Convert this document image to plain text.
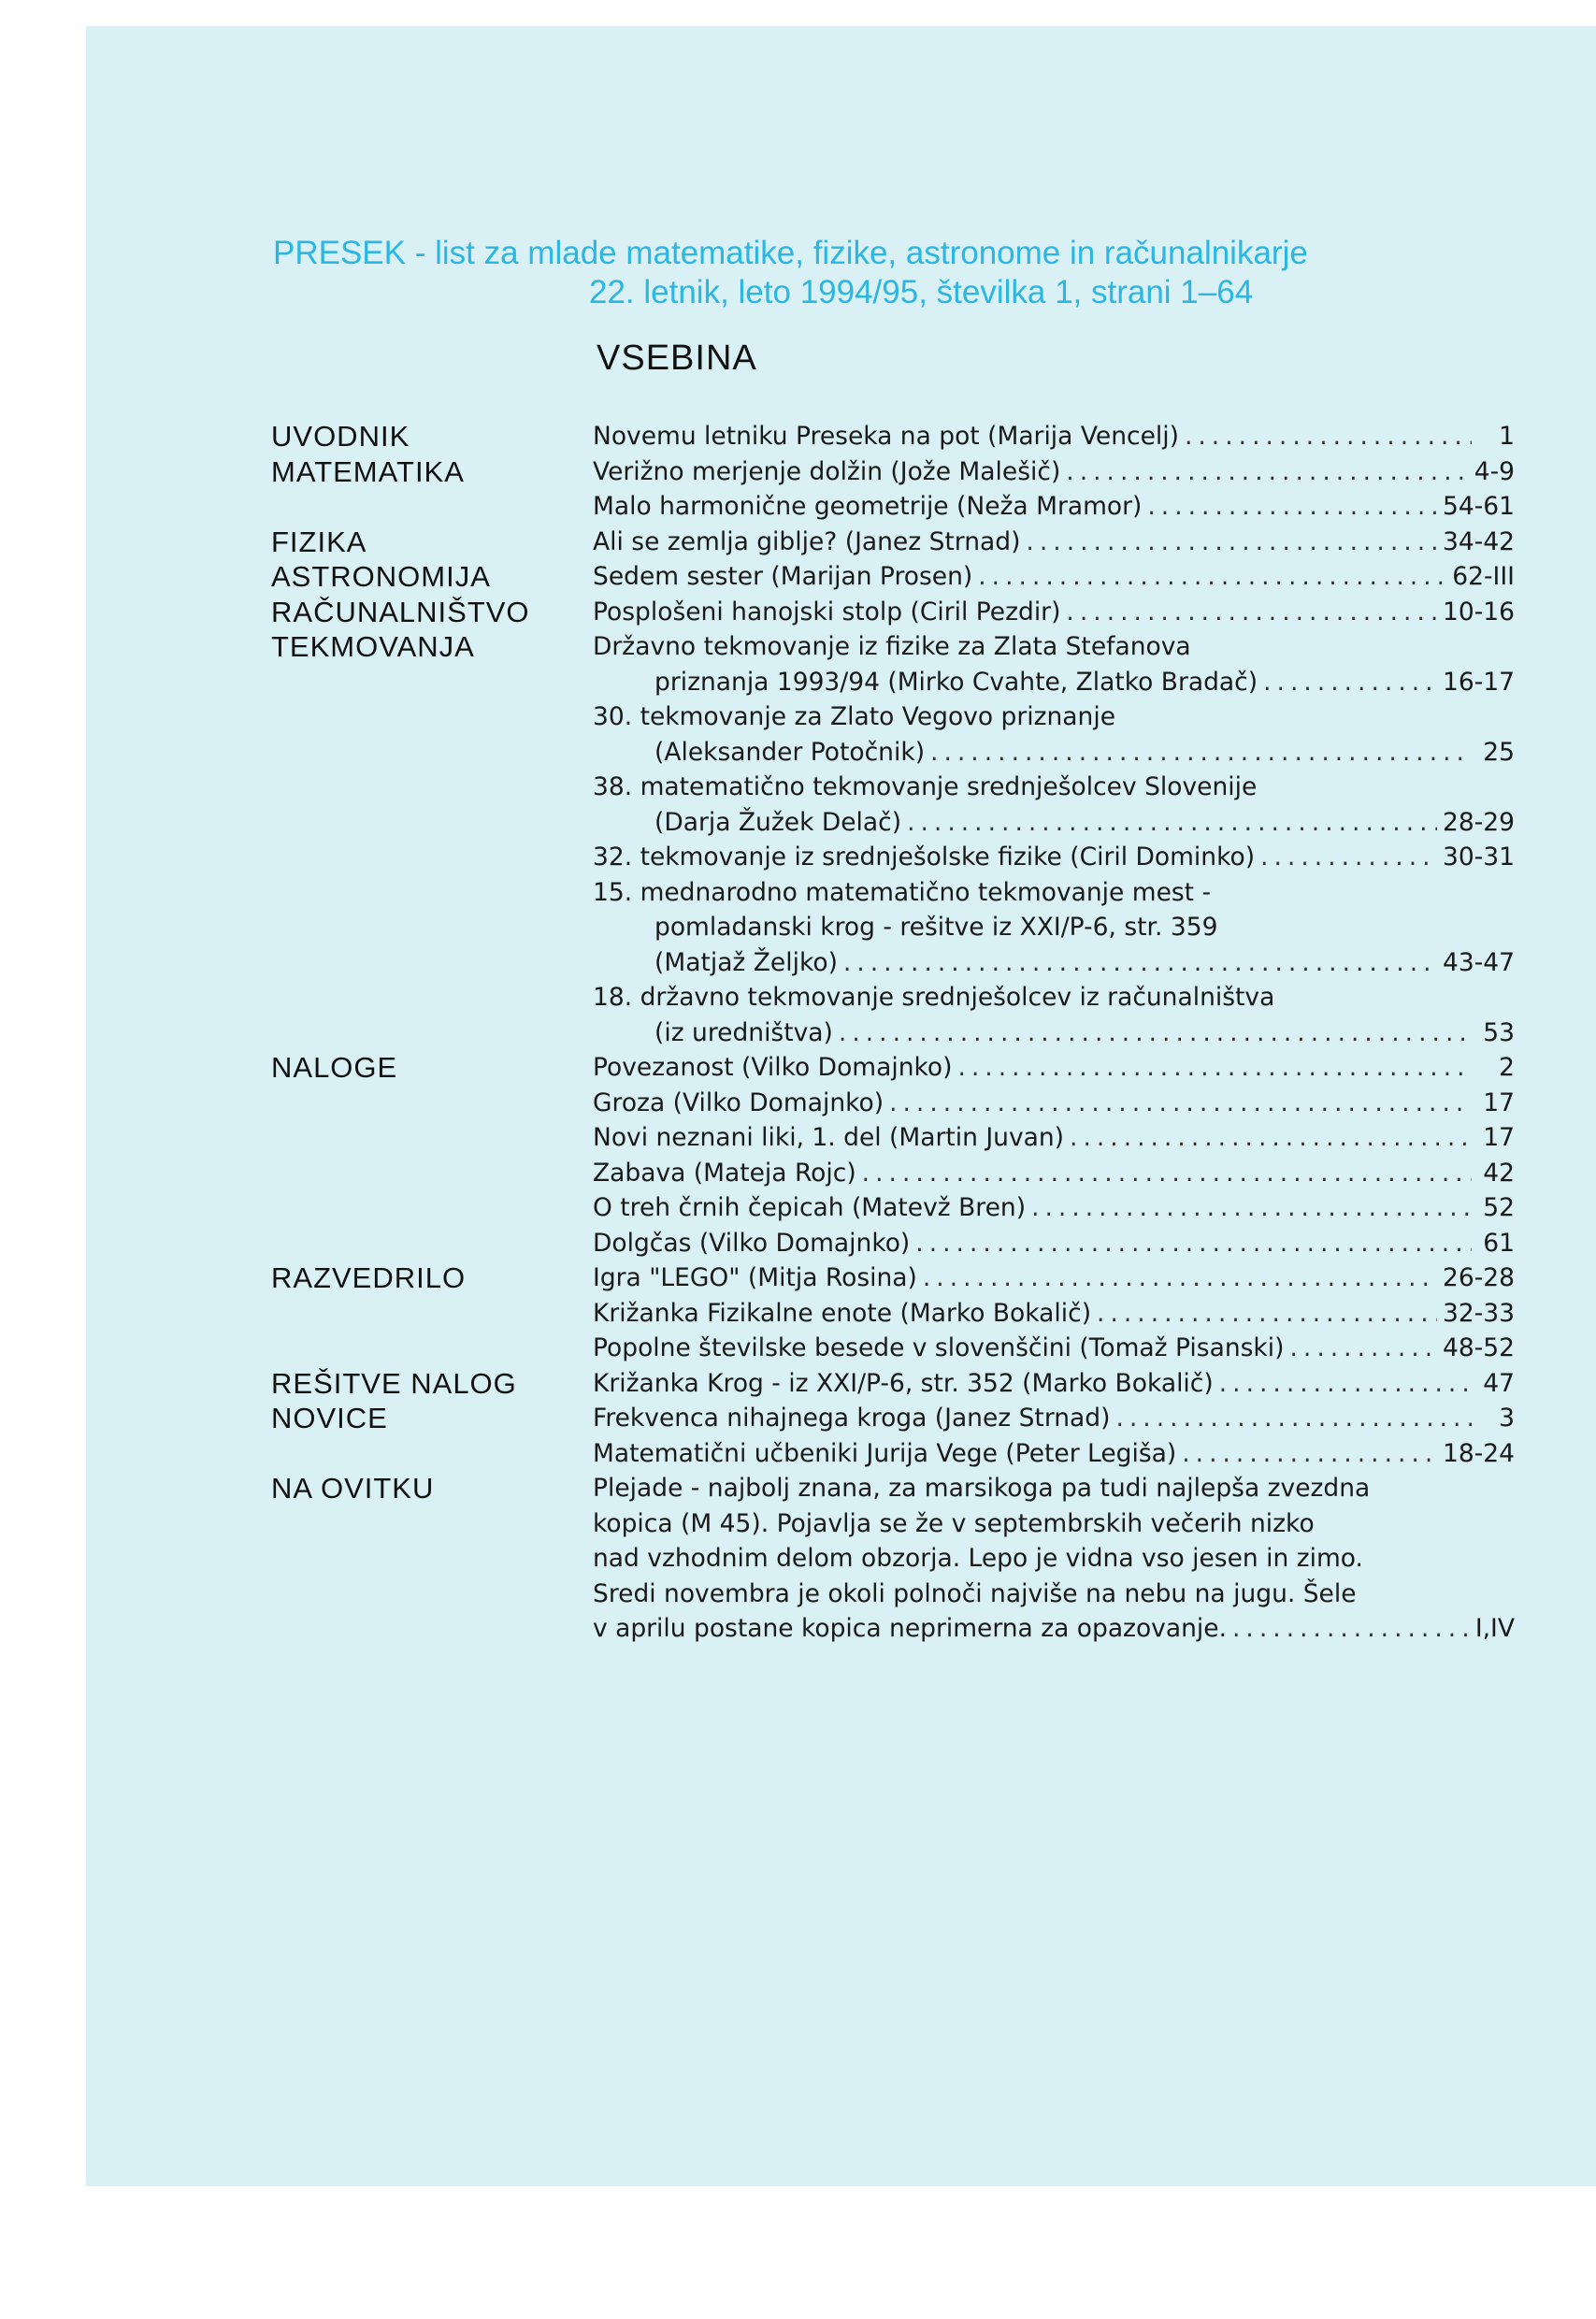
PRESEK - list za mlade matematike, fizike, astronome in računalnikarje
22. letnik, leto 1994/95, številka 1, strani 1–64
VSEBINA
UVODNIK	Novemu letniku Preseka na pot (Marija Vencelj) .....	1
MATEMATIKA	Verižno merjenje dolžin (Jože Malešič) .....	4-9
Malo harmonične geometrije (Neža Mramor) .....	54-61
FIZIKA	Ali se zemlja giblje? (Janez Strnad) .....	34-42
ASTRONOMIJA	Sedem sester (Marijan Prosen) .....	62-III
RAČUNALNIŠTVO	Posplošeni hanojski stolp (Ciril Pezdir) .....	10-16
TEKMOVANJA	Državno tekmovanje iz fizike za Zlata Stefanova
priznanja 1993/94 (Mirko Cvahte, Zlatko Bradač) .....	16-17
30. tekmovanje za Zlato Vegovo priznanje
(Aleksander Potočnik) .....	25
38. matematično tekmovanje srednješolcev Slovenije
(Darja Žužek Delač) .....	28-29
32. tekmovanje iz srednješolske fizike (Ciril Dominko) .....	30-31
15. mednarodno matematično tekmovanje mest -
pomladanski krog - rešitve iz XXI/P-6, str. 359
(Matjaž Željko) .....	43-47
18. državno tekmovanje srednješolcev iz računalništva
(iz uredništva) .....	53
NALOGE	Povezanost (Vilko Domajnko) .....	2
Groza (Vilko Domajnko) .....	17
Novi neznani liki, 1. del (Martin Juvan) .....	17
Zabava (Mateja Rojc) .....	42
O treh črnih čepicah (Matevž Bren) .....	52
Dolgčas (Vilko Domajnko) .....	61
RAZVEDRILO	Igra "LEGO" (Mitja Rosina) .....	26-28
Križanka Fizikalne enote (Marko Bokalič) .....	32-33
Popolne številske besede v slovenščini (Tomaž Pisanski) .....	48-52
REŠITVE NALOG	Križanka Krog - iz XXI/P-6, str. 352 (Marko Bokalič) .....	47
NOVICE	Frekvenca nihajnega kroga (Janez Strnad) .....	3
Matematični učbeniki Jurija Vege (Peter Legiša) .....	18-24
NA OVITKU	Plejade - najbolj znana, za marsikoga pa tudi najlepša zvezdna
kopica (M 45). Pojavlja se že v septembrskih večerih nizko
nad vzhodnim delom obzorja. Lepo je vidna vso jesen in zimo.
Sredi novembra je okoli polnoči najviše na nebu na jugu. Šele
v aprilu postane kopica neprimerna za opazovanje. .....	I,IV
